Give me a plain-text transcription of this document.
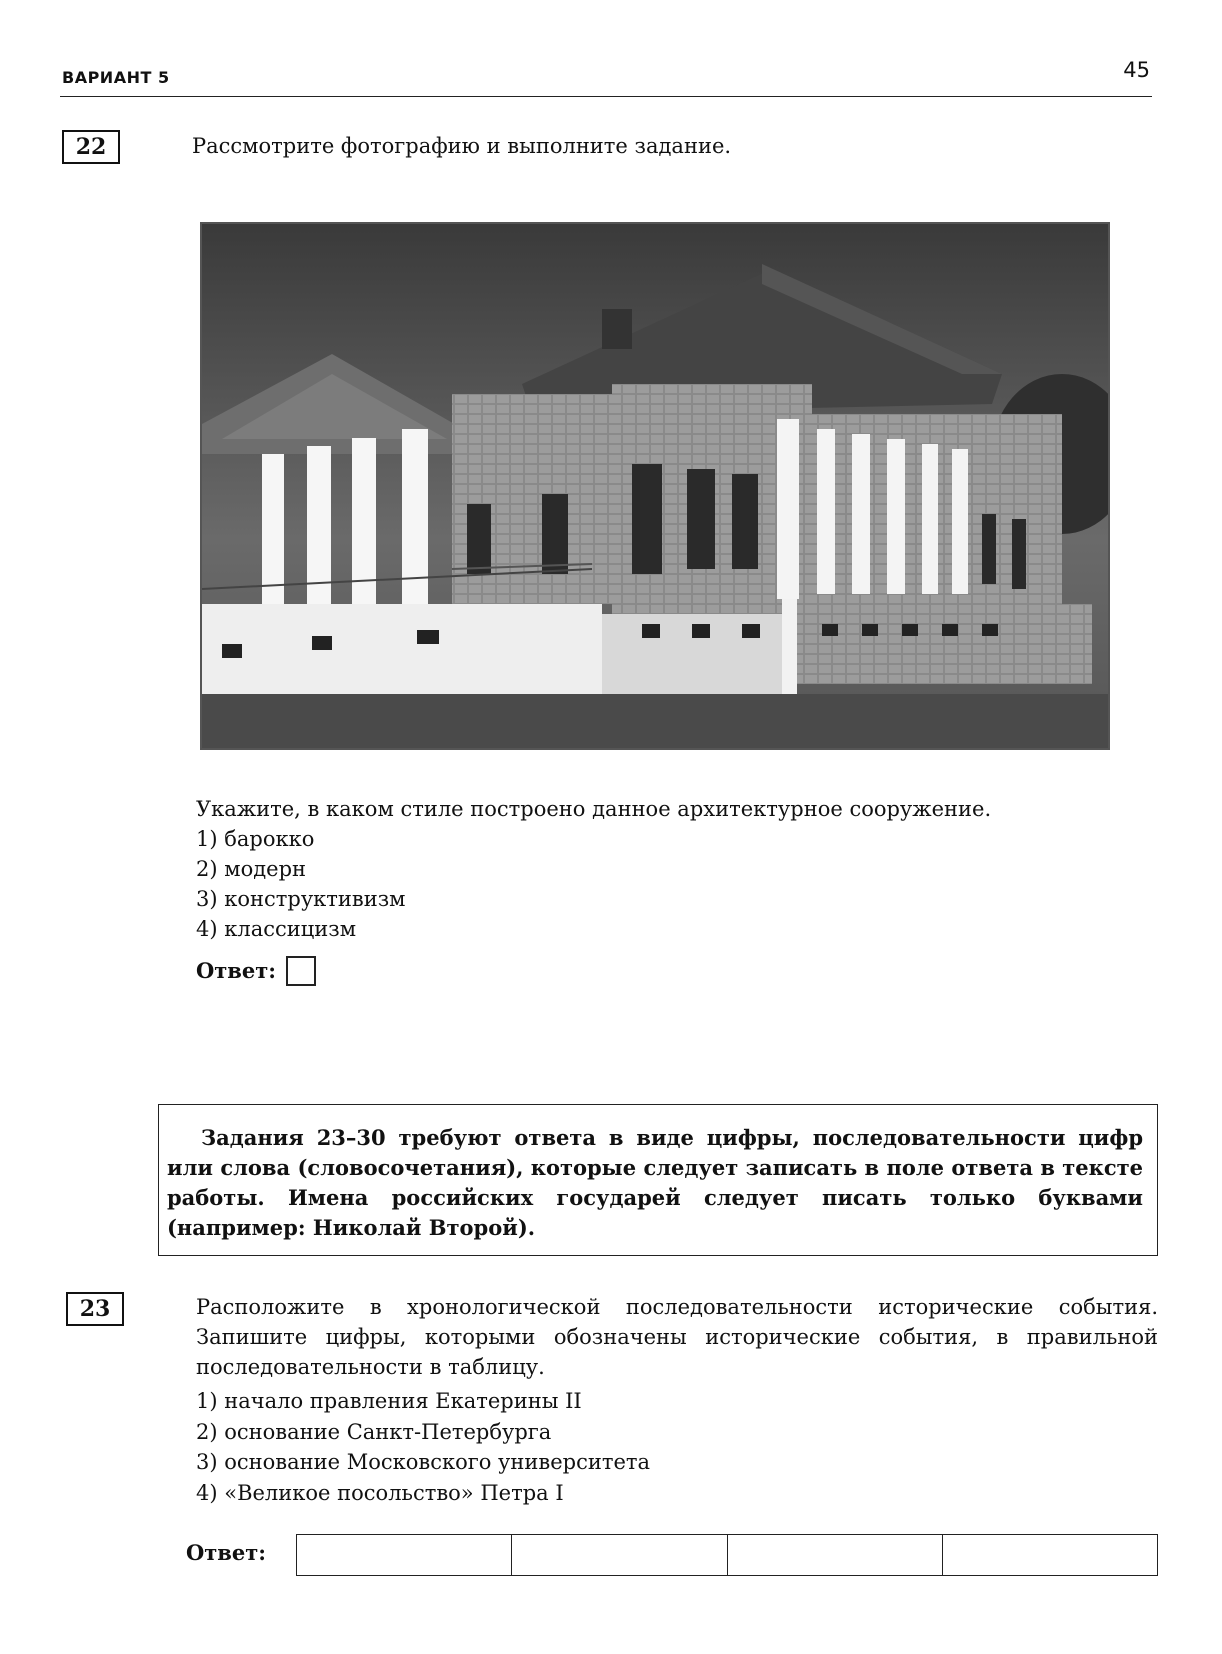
ВАРИАНТ 5	45
22	Рассмотрите фотографию и выполните задание.
Укажите, в каком стиле построено данное архитектурное сооружение.
1) барокко
2) модерн
3) конструктивизм
4) классицизм
Ответ:
Задания 23–30 требуют ответа в виде цифры, последовательности цифр или слова (словосочетания), которые следует записать в поле ответа в тексте работы. Имена российских государей следует писать только буквами (например: Николай Второй).
23	Расположите в хронологической последовательности исторические события. Запишите цифры, которыми обозначены исторические события, в правильной последовательности в таблицу.
1) начало правления Екатерины II
2) основание Санкт-Петербурга
3) основание Московского университета
4) «Великое посольство» Петра I
Ответ:
